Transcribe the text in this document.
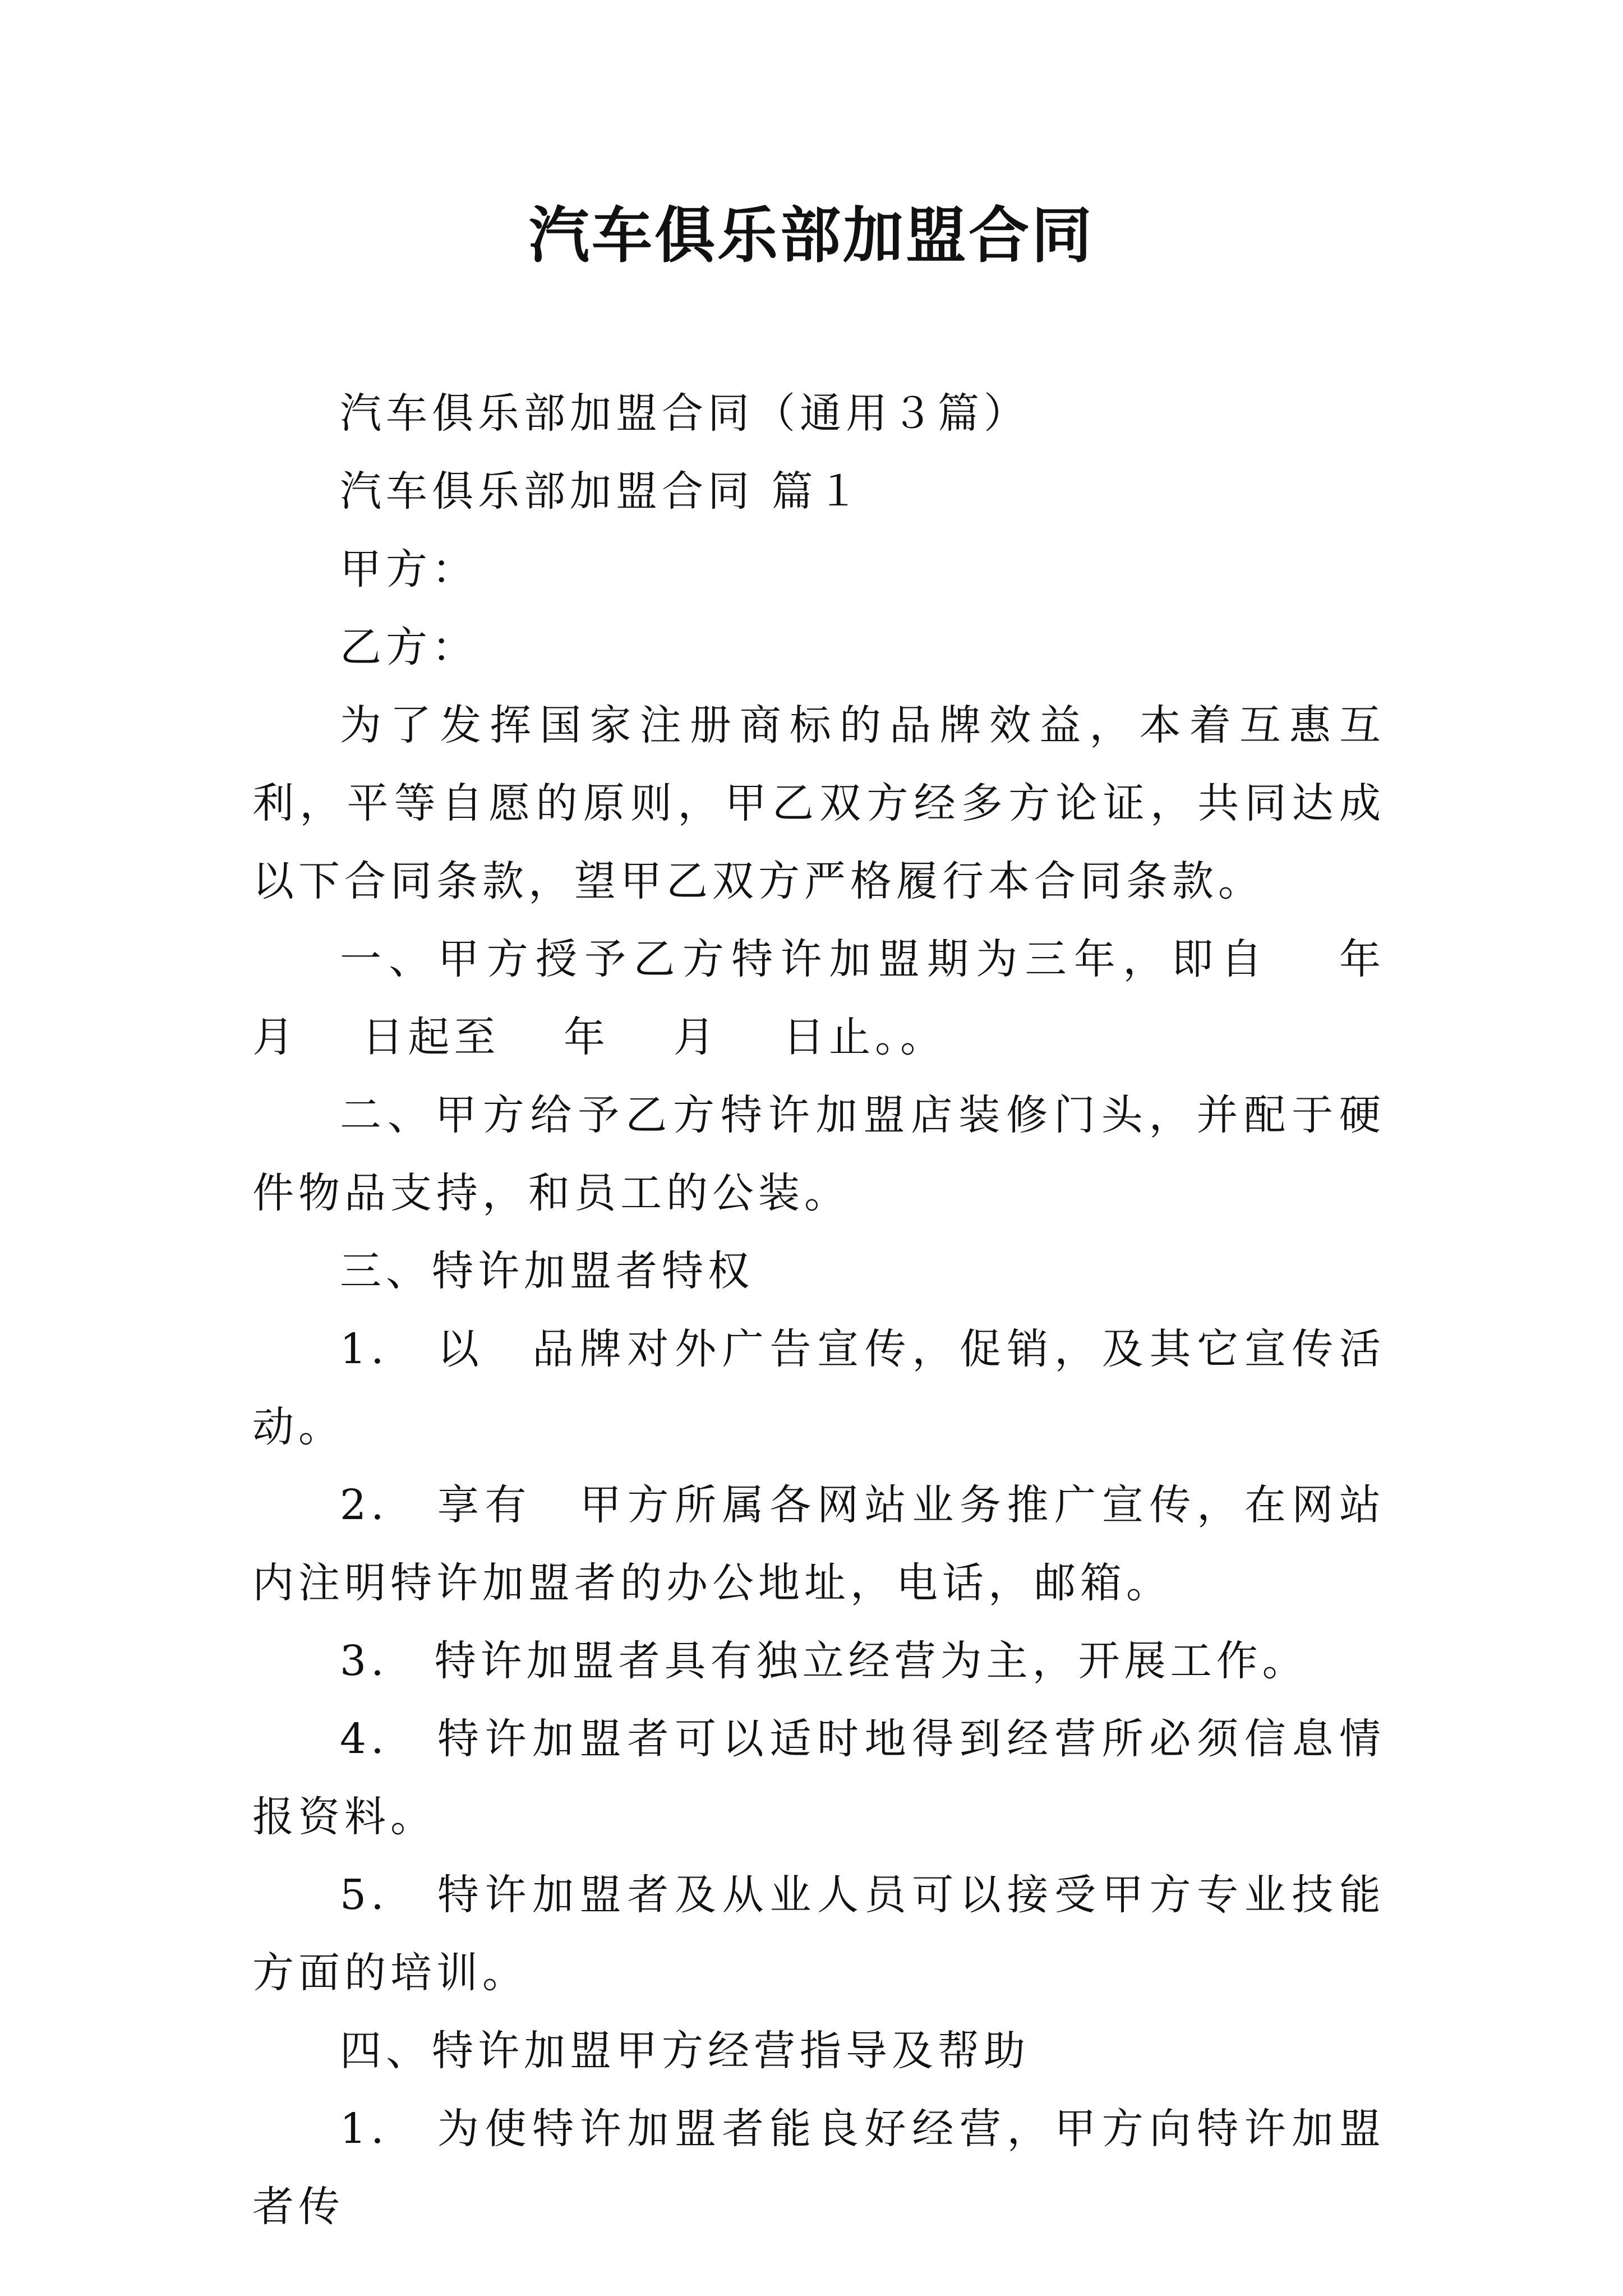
汽车俱乐部加盟合同

汽车俱乐部加盟合同（通用３篇）

汽车俱乐部加盟合同 篇１

甲方：

乙方：

为了发挥国家注册商标的品牌效益，本着互惠互利，平等自愿的原则，甲乙双方经多方论证，共同达成以下合同条款，望甲乙双方严格履行本合同条款。

一、甲方授予乙方特许加盟期为三年，即自　 年　 月　 日起至　 年　 月　 日止。。

二、甲方给予乙方特许加盟店装修门头，并配于硬件物品支持，和员工的公装。

三、特许加盟者特权

1.　以　品牌对外广告宣传，促销，及其它宣传活动。

2.　享有　甲方所属各网站业务推广宣传，在网站内注明特许加盟者的办公地址，电话，邮箱。

3.　特许加盟者具有独立经营为主，开展工作。

4.　特许加盟者可以适时地得到经营所必须信息情报资料。

5.　特许加盟者及从业人员可以接受甲方专业技能方面的培训。

四、特许加盟甲方经营指导及帮助

1.　为使特许加盟者能良好经营，甲方向特许加盟者传
